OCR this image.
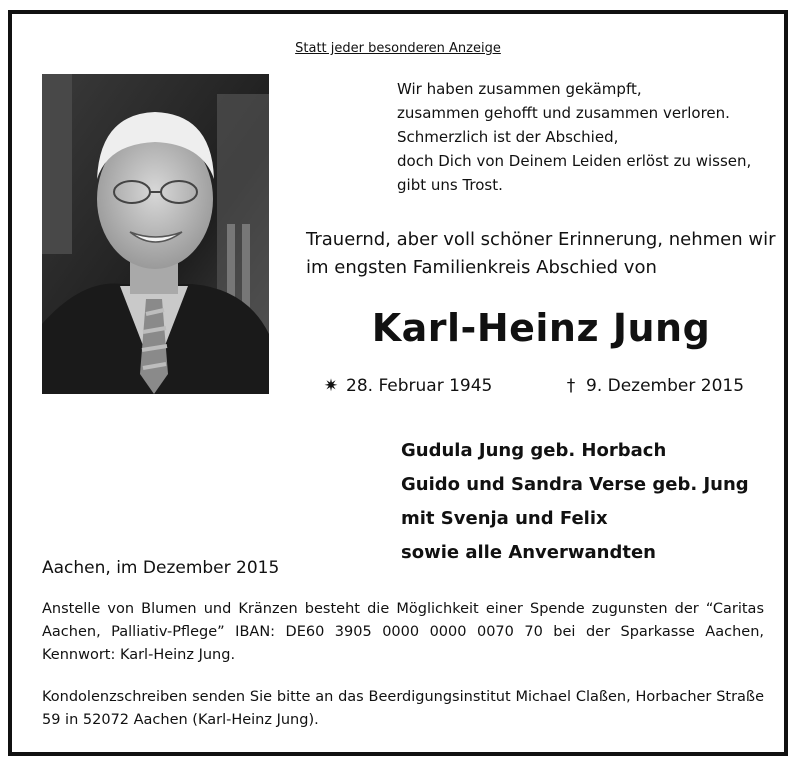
Statt jeder besonderen Anzeige
Wir haben zusammen gekämpft,
zusammen gehofft und zusammen verloren.
Schmerzlich ist der Abschied,
doch Dich von Deinem Leiden erlöst zu wissen,
gibt uns Trost.
Trauernd, aber voll schöner Erinnerung, nehmen wir
im engsten Familienkreis Abschied von
Karl-Heinz Jung
✷ 28. Februar 1945	† 9. Dezember 2015
Gudula Jung geb. Horbach
Guido und Sandra Verse geb. Jung
mit Svenja und Felix
sowie alle Anverwandten
Aachen, im Dezember 2015
Anstelle von Blumen und Kränzen besteht die Möglichkeit einer Spende zugunsten der “Caritas Aachen, Palliativ-Pflege” IBAN: DE60 3905 0000 0000 0070 70 bei der Sparkasse Aachen, Kennwort: Karl-Heinz Jung.
Kondolenzschreiben senden Sie bitte an das Beerdigungsinstitut Michael Claßen, Horbacher Straße 59 in 52072 Aachen (Karl-Heinz Jung).
